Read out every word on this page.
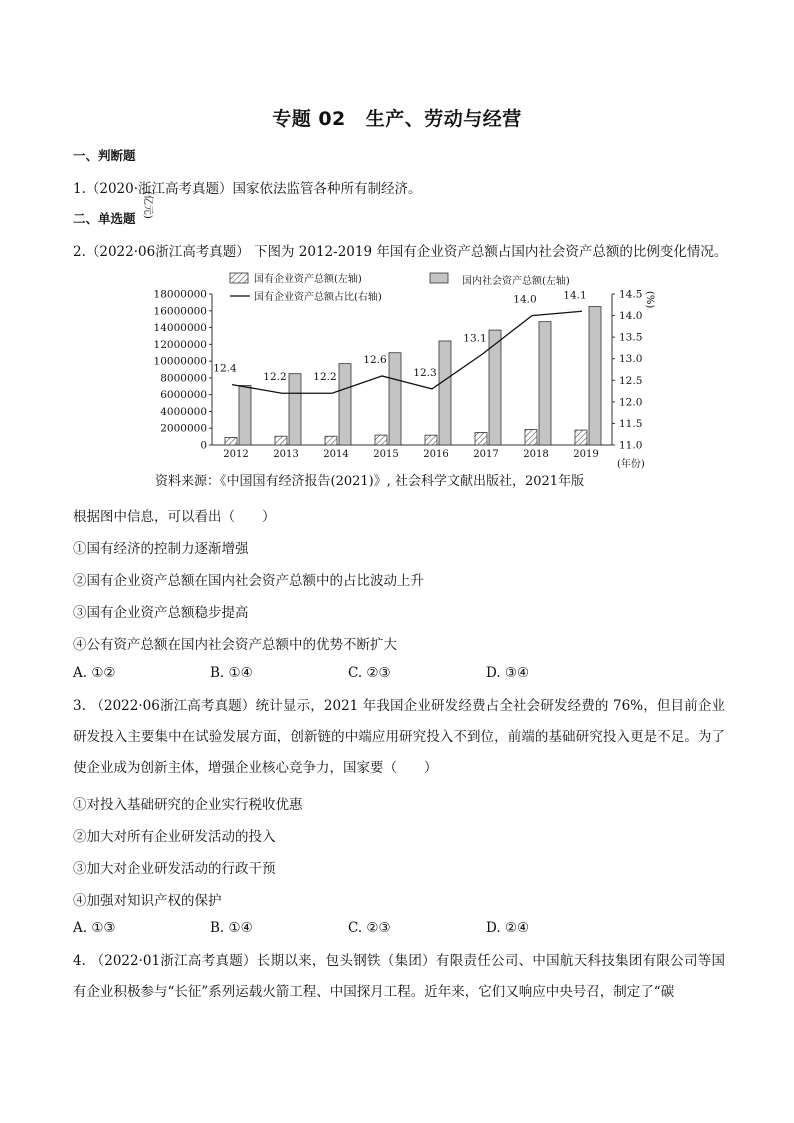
专题 02 生产、劳动与经营
一、判断题
1.（2020·浙江高考真题）国家依法监管各种所有制经济。
二、单选题
2.（2022·06浙江高考真题） 下图为 2012-2019 年国有企业资产总额占国内社会资产总额的比例变化情况。
0
2000000
4000000
6000000
8000000
10000000
12000000
14000000
16000000
18000000
11.0
11.5
12.0
12.5
13.0
13.5
14.0
14.5
(亿元)
(%)
2012 2013 2014 2015 2016 2017 2018 2019
(年份)
12.4
12.2	12.2
12.6
12.3
13.1
14.0	14.1
国有企业资产总额(左轴)	国内社会资产总额(左轴)
国有企业资产总额占比(右轴)
资料来源：《中国国有经济报告(2021)》, 社会科学文献出版社，2021年版
根据图中信息，可以看出（　　）
①国有经济的控制力逐渐增强
②国有企业资产总额在国内社会资产总额中的占比波动上升
③国有企业资产总额稳步提高
④公有资产总额在国内社会资产总额中的优势不断扩大
A. ①②	B. ①④	C. ②③	D. ③④
3. （2022·06浙江高考真题）统计显示，2021 年我国企业研发经费占全社会研发经费的 76%，但目前企业研发投入主要集中在试验发展方面，创新链的中端应用研究投入不到位，前端的基础研究投入更是不足。为了使企业成为创新主体，增强企业核心竞争力，国家要（　　）
①对投入基础研究的企业实行税收优惠
②加大对所有企业研发活动的投入
③加大对企业研发活动的行政干预
④加强对知识产权的保护
A. ①③	B. ①④	C. ②③	D. ②④
4. （2022·01浙江高考真题）长期以来，包头钢铁（集团）有限责任公司、中国航天科技集团有限公司等国有企业积极参与“长征”系列运载火箭工程、中国探月工程。近年来，它们又响应中央号召，制定了“碳
